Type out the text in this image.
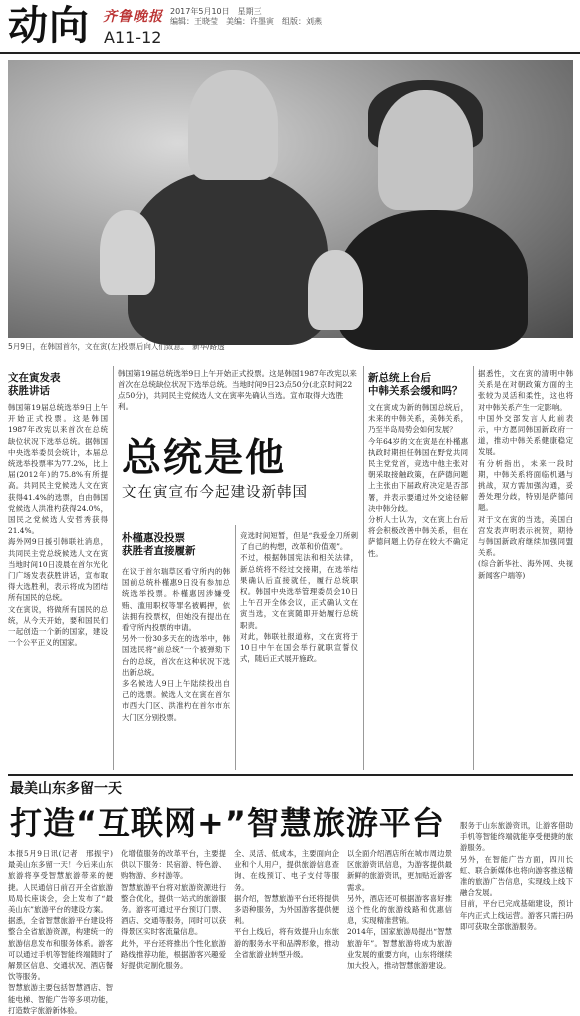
动向 齐鲁晚报 2017年5月10日　星期三
编辑：王晓莹　美编：许墨寅　组版：刘燕
A11-12
5月9日，在韩国首尔，文在寅(左)投票后向人们致意。　新华/路透
文在寅发表
获胜讲话
韩国第19届总统选举9日上午开始正式投票。这是韩国1987年改宪以来首次在总统缺位状况下选举总统。据韩国中央选举委员会统计，本届总统选举投票率为77.2%，比上届(2012年)的75.8%有所提高。共同民主党候选人文在寅获得41.4%的选票，自由韩国党候选人洪准杓获得24.0%，国民之党候选人安哲秀获得21.4%。
海外网9日援引韩联社消息，共同民主党总统候选人文在寅当地时间10日凌晨在首尔光化门广场发表获胜讲话，宣布取得大选胜利，表示将成为团结所有国民的总统。
文在寅说，将做所有国民的总统，从今天开始，要和国民们一起创造一个新的国家，建设一个公平正义的国家。
韩国第19届总统选举9日上午开始正式投票。这是韩国1987年改宪以来首次在总统缺位状况下选举总统。当地时间9日23点50分(北京时间22点50分)，共同民主党候选人文在寅率先确认当选。宣布取得大选胜利。
总统是他
文在寅宣布今起建设新韩国
朴槿惠没投票
获胜者直接履新
在议于首尔瑞草区看守所内的韩国前总统朴槿惠9日没有参加总统选举投票。朴槿惠因涉嫌受贿、滥用职权等罪名被羁押，依法拥有投票权，但她没有提出在看守所内投票的申请。
另外一份30多天在的选举中，韩国选民将“前总统”一个被弹劾下台的总统，首次在这种状况下选出新总统。
多名候选人9日上午陆续投出自己的选票。候选人文在寅在首尔市西大门区、洪准杓在首尔市东大门区分别投票。
竞选时间短暂，但是“我爱金刀所刺了自己的构想，改革和价值观”。
不过，根据韩国宪法和相关法律，新总统将不经过交接期，在选举结果确认后直接就任，履行总统职权。韩国中央选举管理委员会10日上午召开全体会议，正式确认文在寅当选，文在寅随即开始履行总统职责。
对此，韩联社报道称，文在寅将于10日中午在国会举行就职宣誓仪式，随后正式展开施政。
新总统上台后
中韩关系会缓和吗？
文在寅成为新的韩国总统后，未来的中韩关系，美韩关系，乃至半岛局势会如何发展？
今年64岁的文在寅是在朴槿惠执政时期担任韩国在野党共同民主党党首，竞选中他主张对朝采取接触政策，在萨德问题上主张由下届政府决定是否部署，并表示要通过外交途径解决中韩分歧。
分析人士认为，文在寅上台后将会积极改善中韩关系，但在萨德问题上仍存在较大不确定性。
据悉性，文在寅的清明中韩关系是在对朝政策方面的主张较为灵活和柔性，这也将对中韩关系产生一定影响。
中国外交部发言人此前表示，中方愿同韩国新政府一道，推动中韩关系健康稳定发展。
有分析指出，未来一段时期，中韩关系将面临机遇与挑战，双方需加强沟通，妥善处理分歧，特别是萨德问题。
对于文在寅的当选，美国白宫发表声明表示祝贺，期待与韩国新政府继续加强同盟关系。
(综合新华社、海外网、央视新闻客户端等)
最美山东多留一天
打造“互联网+”智慧旅游平台
本报5月9日讯(记者　邢振宇)　最美山东多留一天！今后来山东旅游将享受智慧旅游带来的便捷。人民通信日前召开全省旅游局局长座谈会，会上发布了“最美山东”旅游平台的建设方案。
据悉，全省智慧旅游平台建设将整合全省旅游资源，构建统一的旅游信息发布和服务体系。游客可以通过手机等智能终端随时了解景区信息、交通状况、酒店餐饮等服务。
智慧旅游主要包括智慧酒店、智能电梯、智能广告等多项功能，打造数字旅游新体验。
化增值服务的改革平台，主要提供以下服务：民宿游、特色游、购物游、乡村游等。
智慧旅游平台将对旅游资源进行整合优化，提供一站式的旅游服务。游客可通过平台预订门票、酒店、交通等服务，同时可以获得景区实时客流量信息。
此外，平台还将推出个性化旅游路线推荐功能，根据游客兴趣爱好提供定制化服务。
全、灵活、低成本，主要面向企业和个人用户，提供旅游信息查询、在线预订、电子支付等服务。
据介绍，智慧旅游平台还将提供多语种服务，为外国游客提供便利。
平台上线后，将有效提升山东旅游的服务水平和品牌形象，推动全省旅游业转型升级。
以全面介绍酒店所在城市周边景区旅游资讯信息，为游客提供最新鲜的旅游资讯，更加贴近游客需求。
另外，酒店还可根据游客喜好推送个性化的旅游线路和优惠信息，实现精准营销。
2014年，国家旅游局提出“智慧旅游年”。智慧旅游将成为旅游业发展的重要方向，山东将继续加大投入，推动智慧旅游建设。
服务于山东旅游资讯，让游客借助手机等智能终端就能享受便捷的旅游服务。
另外，在智能广告方面，四川长虹、联合新媒体也将向游客推送精准的旅游广告信息，实现线上线下融合发展。
目前，平台已完成基础建设，预计年内正式上线运营。游客只需扫码即可获取全部旅游服务。
